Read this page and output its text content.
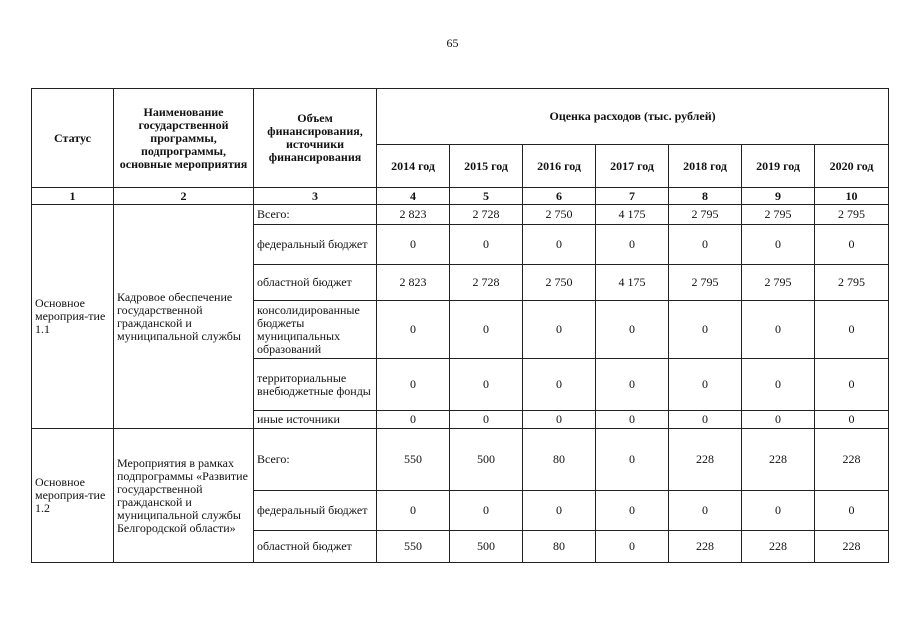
65
Статус	Наименование государственной программы, подпрограммы, основные мероприятия	Объем финансирования, источники финансирования	Оценка расходов (тыс. рублей)						
			2014 год	2015 год	2016 год	2017 год	2018 год	2019 год	2020 год
1	2	3	4	5	6	7	8	9	10
Основное мероприя-тие 1.1	Кадровое обеспечение государственной гражданской и муниципальной службы	Всего:	2 823	2 728	2 750	4 175	2 795	2 795	2 795
		федеральный бюджет	0	0	0	0	0	0	0
		областной бюджет	2 823	2 728	2 750	4 175	2 795	2 795	2 795
		консолидированные бюджеты муниципальных образований	0	0	0	0	0	0	0
		территориальные внебюджетные фонды	0	0	0	0	0	0	0
		иные источники	0	0	0	0	0	0	0
Основное мероприя-тие 1.2	Мероприятия в рамках подпрограммы «Развитие государственной гражданской и муниципальной службы Белгородской области»	Всего:	550	500	80	0	228	228	228
		федеральный бюджет	0	0	0	0	0	0	0
		областной бюджет	550	500	80	0	228	228	228
